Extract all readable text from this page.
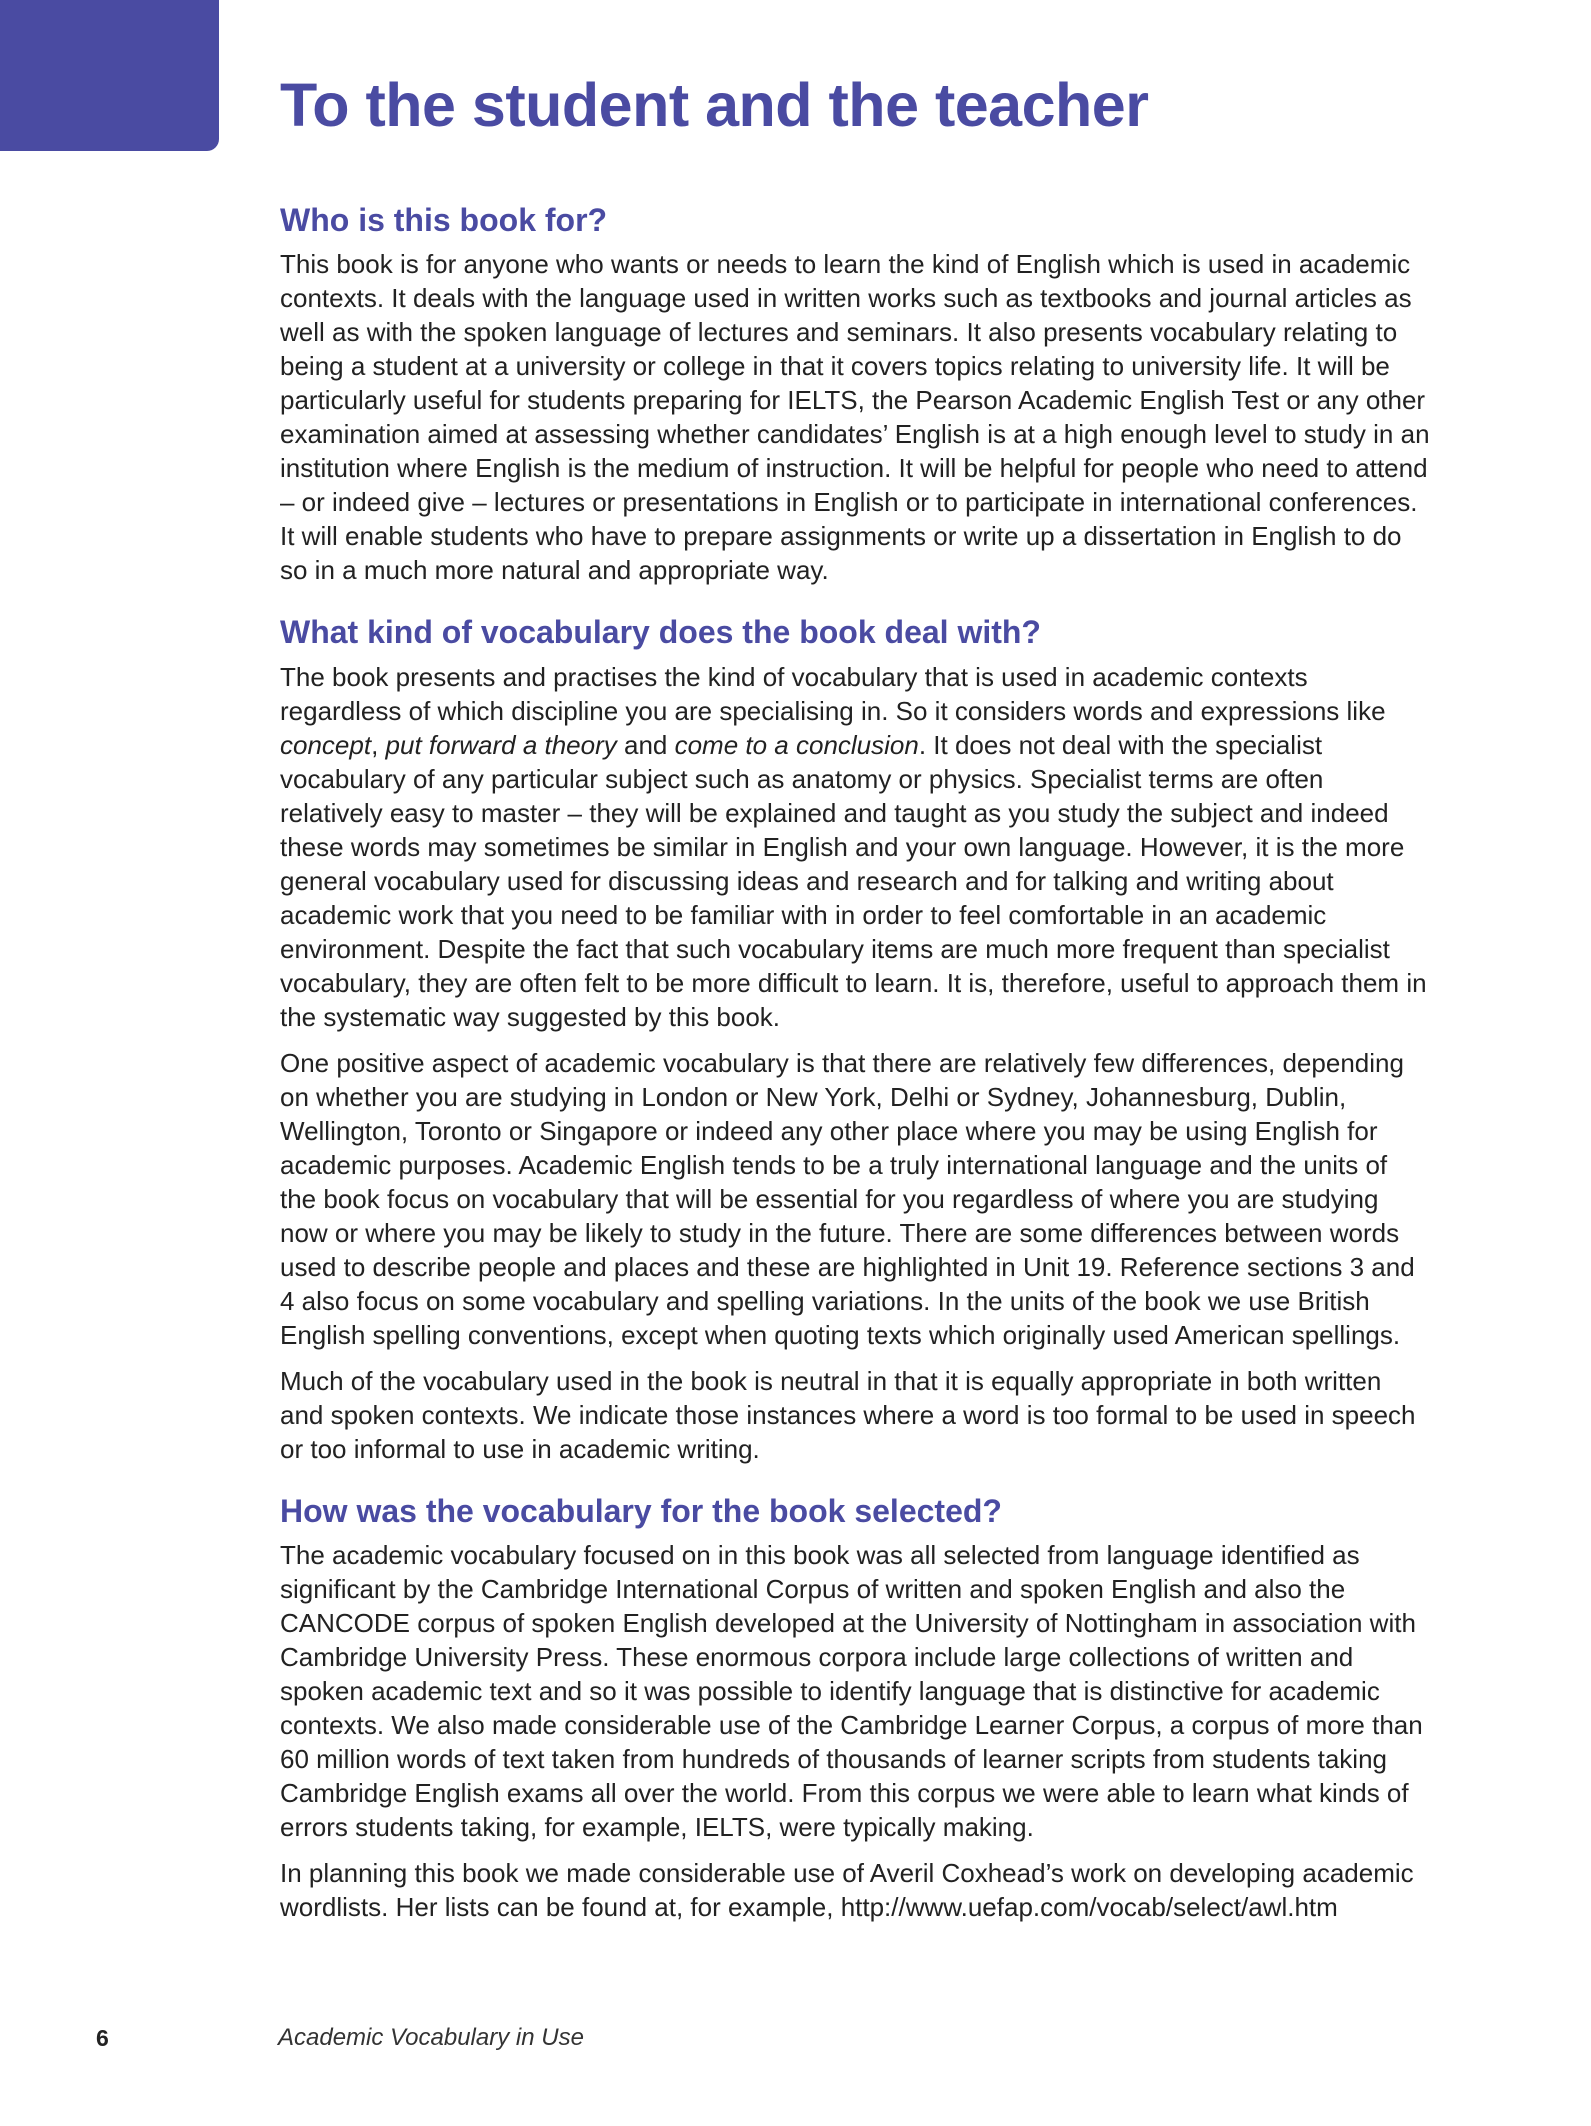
To the student and the teacher
Who is this book for?

This book is for anyone who wants or needs to learn the kind of English which is used in academic contexts. It deals with the language used in written works such as textbooks and journal articles as well as with the spoken language of lectures and seminars. It also presents vocabulary relating to being a student at a university or college in that it covers topics relating to university life. It will be particularly useful for students preparing for IELTS, the Pearson Academic English Test or any other examination aimed at assessing whether candidates’ English is at a high enough level to study in an institution where English is the medium of instruction. It will be helpful for people who need to attend – or indeed give – lectures or presentations in English or to participate in international conferences. It will enable students who have to prepare assignments or write up a dissertation in English to do so in a much more natural and appropriate way.

What kind of vocabulary does the book deal with?

The book presents and practises the kind of vocabulary that is used in academic contexts regardless of which discipline you are specialising in. So it considers words and expressions like concept, put forward a theory and come to a conclusion. It does not deal with the specialist vocabulary of any particular subject such as anatomy or physics. Specialist terms are often relatively easy to master – they will be explained and taught as you study the subject and indeed these words may sometimes be similar in English and your own language. However, it is the more general vocabulary used for discussing ideas and research and for talking and writing about academic work that you need to be familiar with in order to feel comfortable in an academic environment. Despite the fact that such vocabulary items are much more frequent than specialist vocabulary, they are often felt to be more difficult to learn. It is, therefore, useful to approach them in the systematic way suggested by this book.

One positive aspect of academic vocabulary is that there are relatively few differences, depending on whether you are studying in London or New York, Delhi or Sydney, Johannesburg, Dublin, Wellington, Toronto or Singapore or indeed any other place where you may be using English for academic purposes. Academic English tends to be a truly international language and the units of the book focus on vocabulary that will be essential for you regardless of where you are studying now or where you may be likely to study in the future. There are some differences between words used to describe people and places and these are highlighted in Unit 19. Reference sections 3 and 4 also focus on some vocabulary and spelling variations. In the units of the book we use British English spelling conventions, except when quoting texts which originally used American spellings.

Much of the vocabulary used in the book is neutral in that it is equally appropriate in both written and spoken contexts. We indicate those instances where a word is too formal to be used in speech or too informal to use in academic writing.

How was the vocabulary for the book selected?

The academic vocabulary focused on in this book was all selected from language identified as significant by the Cambridge International Corpus of written and spoken English and also the CANCODE corpus of spoken English developed at the University of Nottingham in association with Cambridge University Press. These enormous corpora include large collections of written and spoken academic text and so it was possible to identify language that is distinctive for academic contexts. We also made considerable use of the Cambridge Learner Corpus, a corpus of more than 60 million words of text taken from hundreds of thousands of learner scripts from students taking Cambridge English exams all over the world. From this corpus we were able to learn what kinds of errors students taking, for example, IELTS, were typically making.

In planning this book we made considerable use of Averil Coxhead’s work on developing academic wordlists. Her lists can be found at, for example, http://www.uefap.com/vocab/select/awl.htm

6	Academic Vocabulary in Use
